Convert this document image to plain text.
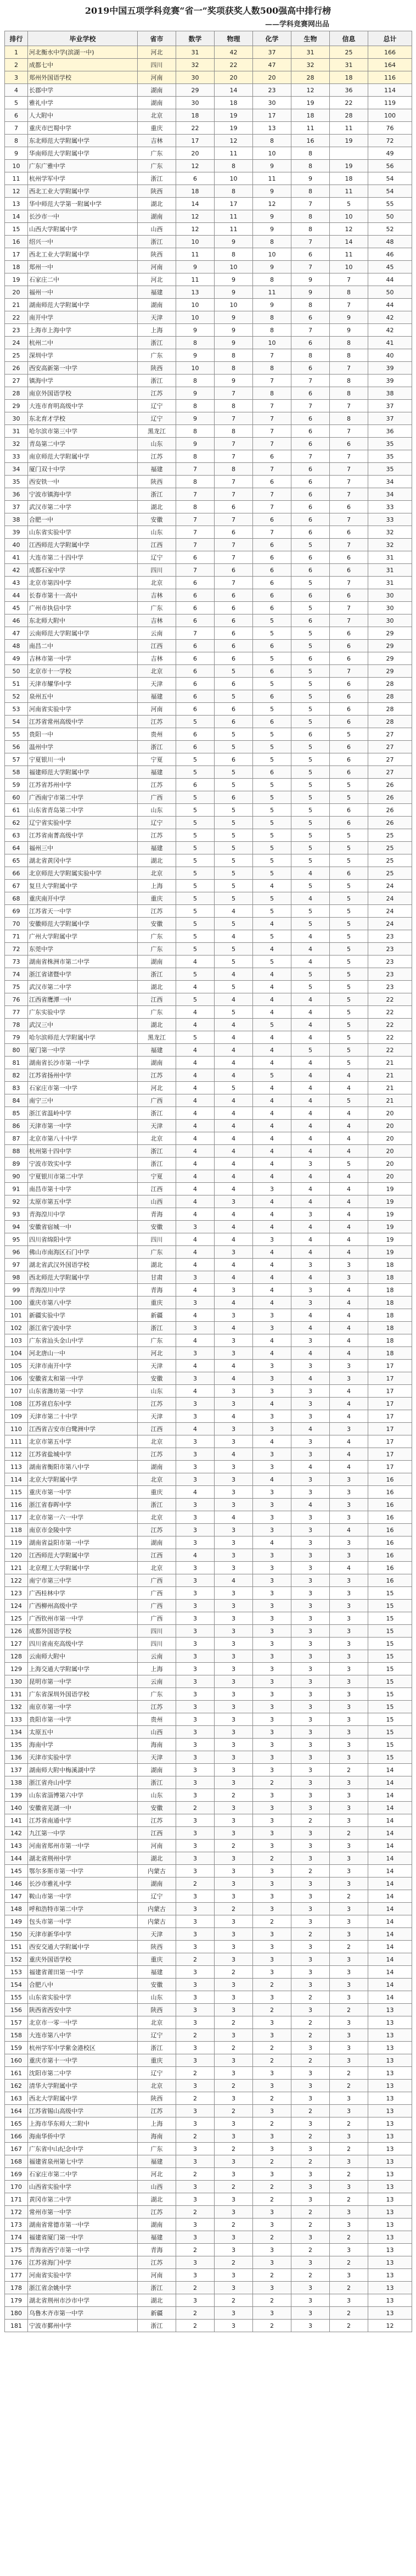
2019中国五项学科竞赛“省一”奖项获奖人数500强高中排行榜
——学科竞赛网出品
排行	毕业学校	省市	数学	物理	化学	生物	信息	总计
1	河北衡水中学(滨湖一中)	河北	31	42	37	31	25	166
2	成都七中	四川	32	22	47	32	31	164
3	郑州外国语学校	河南	30	20	20	28	18	116
4	长郡中学	湖南	29	14	23	12	36	114
5	雅礼中学	湖南	30	18	30	19	22	119
6	人大附中	北京	18	19	17	18	28	100
7	重庆市巴蜀中学	重庆	22	19	13	11	11	76
8	东北师范大学附属中学	吉林	17	12	8	16	19	72
9	华南师范大学附属中学	广东	20	11	10	8		49
10	广东广雅中学	广东	12	8	9	8	19	56
11	杭州学军中学	浙江	6	10	11	9	18	54
12	西北工业大学附属中学	陕西	18	8	9	8	11	54
13	华中师范大学第一附属中学	湖北	14	17	12	7	5	55
14	长沙市一中	湖南	12	11	9	8	10	50
15	山西大学附属中学	山西	12	11	9	8	12	52
16	绍兴一中	浙江	10	9	8	7	14	48
17	西北工业大学附属中学	陕西	11	8	10	6	11	46
18	郑州一中	河南	9	10	9	7	10	45
19	石家庄二中	河北	11	9	8	9	7	44
20	福州一中	福建	13	9	11	9	8	50
21	湖南师范大学附属中学	湖南	10	10	9	8	7	44
22	南开中学	天津	10	9	8	6	9	42
23	上海市上海中学	上海	9	9	8	7	9	42
24	杭州二中	浙江	8	9	10	6	8	41
25	深圳中学	广东	9	8	7	8	8	40
26	西安高新第一中学	陕西	10	8	8	6	7	39
27	镇海中学	浙江	8	9	7	7	8	39
28	南京外国语学校	江苏	9	7	8	6	8	38
29	大连市育明高级中学	辽宁	8	8	7	7	7	37
30	东北育才学校	辽宁	9	7	7	6	8	37
31	哈尔滨市第三中学	黑龙江	8	8	7	6	7	36
32	青岛第二中学	山东	9	7	7	6	6	35
33	南京师范大学附属中学	江苏	8	7	6	7	7	35
34	厦门双十中学	福建	7	8	7	6	7	35
35	西安铁一中	陕西	8	7	6	6	7	34
36	宁波市镇海中学	浙江	7	7	7	6	7	34
37	武汉市第二中学	湖北	8	6	7	6	6	33
38	合肥一中	安徽	7	7	6	6	7	33
39	山东省实验中学	山东	7	6	7	6	6	32
40	江西师范大学附属中学	江西	7	7	6	5	7	32
41	大连市第二十四中学	辽宁	6	7	6	6	6	31
42	成都石室中学	四川	7	6	6	6	6	31
43	北京市第四中学	北京	6	7	6	5	7	31
44	长春市第十一高中	吉林	6	6	6	6	6	30
45	广州市执信中学	广东	6	6	6	5	7	30
46	东北师大附中	吉林	6	6	5	6	7	30
47	云南师范大学附属中学	云南	7	6	5	5	6	29
48	南昌二中	江西	6	6	6	5	6	29
49	吉林市第一中学	吉林	6	6	5	6	6	29
50	北京市十一学校	北京	6	5	6	5	7	29
51	天津市耀华中学	天津	6	6	5	5	6	28
52	泉州五中	福建	6	5	6	5	6	28
53	河南省实验中学	河南	6	6	5	5	6	28
54	江苏省常州高级中学	江苏	5	6	6	5	6	28
55	贵阳一中	贵州	6	5	5	6	5	27
56	温州中学	浙江	6	5	5	5	6	27
57	宁夏银川一中	宁夏	5	6	5	5	6	27
58	福建师范大学附属中学	福建	5	5	6	5	6	27
59	江苏省苏州中学	江苏	6	5	5	5	5	26
60	广西南宁市第二中学	广西	5	6	5	5	5	26
61	山东省青岛第二中学	山东	5	5	5	5	6	26
62	辽宁省实验中学	辽宁	5	5	5	5	6	26
63	江苏省南菁高级中学	江苏	5	5	5	5	5	25
64	福州三中	福建	5	5	5	5	5	25
65	湖北省黄冈中学	湖北	5	5	5	5	5	25
66	北京师范大学附属实验中学	北京	5	5	5	4	6	25
67	复旦大学附属中学	上海	5	5	4	5	5	24
68	重庆南开中学	重庆	5	5	5	4	5	24
69	江苏省天一中学	江苏	5	4	5	5	5	24
70	安徽师范大学附属中学	安徽	5	5	4	5	5	24
71	广州大学附属中学	广东	5	4	5	4	5	23
72	东莞中学	广东	5	5	4	4	5	23
73	湖南省株洲市第二中学	湖南	4	5	5	4	5	23
74	浙江省诸暨中学	浙江	5	4	4	5	5	23
75	武汉市第二中学	湖北	4	5	4	5	5	23
76	江西省鹰潭一中	江西	5	4	4	4	5	22
77	广东实验中学	广东	4	5	4	4	5	22
78	武汉三中	湖北	4	4	5	4	5	22
79	哈尔滨师范大学附属中学	黑龙江	5	4	4	4	5	22
80	厦门第一中学	福建	4	4	4	5	5	22
81	湖南省长沙市第一中学	湖南	4	4	4	4	5	21
82	江苏省扬州中学	江苏	4	4	5	4	4	21
83	石家庄市第一中学	河北	4	5	4	4	4	21
84	南宁三中	广西	4	4	4	4	5	21
85	浙江省温岭中学	浙江	4	4	4	4	4	20
86	天津市第一中学	天津	4	4	4	4	4	20
87	北京市第八十中学	北京	4	4	4	4	4	20
88	杭州第十四中学	浙江	4	4	4	4	4	20
89	宁波市效实中学	浙江	4	4	4	3	5	20
90	宁夏银川市第二中学	宁夏	4	4	4	4	4	20
91	南昌市第十中学	江西	4	4	3	4	4	19
92	太原市第五中学	山西	4	3	4	4	4	19
93	青海湟川中学	青海	4	4	4	3	4	19
94	安徽省宿城一中	安徽	3	4	4	4	4	19
95	四川省绵阳中学	四川	4	4	3	4	4	19
96	佛山市南海区石门中学	广东	4	3	4	4	4	19
97	湖北省武汉外国语学校	湖北	4	4	4	3	3	18
98	西北师范大学附属中学	甘肃	3	4	4	4	3	18
99	青海湟川中学	青海	4	3	4	3	4	18
100	重庆市第八中学	重庆	3	4	4	3	4	18
101	新疆实验中学	新疆	4	3	3	4	4	18
102	浙江省宁波中学	浙江	3	4	3	4	4	18
103	广东省汕头金山中学	广东	4	3	4	3	4	18
104	河北唐山一中	河北	3	3	4	4	4	18
105	天津市南开中学	天津	4	4	3	3	3	17
106	安徽省太和第一中学	安徽	3	4	3	4	3	17
107	山东省潍坊第一中学	山东	4	3	3	3	4	17
108	江苏省启东中学	江苏	3	3	4	3	4	17
109	天津市第二十中学	天津	3	4	3	3	4	17
110	江西省吉安市白鹭洲中学	江西	4	3	3	4	3	17
111	北京市第五中学	北京	3	3	4	3	4	17
112	江苏省盐城中学	江苏	3	4	3	3	4	17
113	湖南省衡阳市第八中学	湖南	3	3	3	4	4	17
114	北京大学附属中学	北京	3	3	4	3	3	16
115	重庆市第一中学	重庆	4	3	3	3	3	16
116	浙江省春晖中学	浙江	3	3	3	4	3	16
117	北京市第一六一中学	北京	3	4	3	3	3	16
118	南京市金陵中学	江苏	3	3	3	3	4	16
119	湖南省益阳市第一中学	湖南	3	3	4	3	3	16
120	江西师范大学附属中学	江西	4	3	3	3	3	16
121	北京理工大学附属中学	北京	3	3	3	3	4	16
122	南宁市第三中学	广西	3	4	3	3	3	16
123	广西桂林中学	广西	3	3	3	3	3	15
124	广西柳州高级中学	广西	3	3	3	3	3	15
125	广西钦州市第一中学	广西	3	3	3	3	3	15
126	成都外国语学校	四川	3	3	3	3	3	15
127	四川省南充高级中学	四川	3	3	3	3	3	15
128	云南师大附中	云南	3	3	3	3	3	15
129	上海交通大学附属中学	上海	3	3	3	3	3	15
130	昆明市第一中学	云南	3	3	3	3	3	15
131	广东省深圳外国语学校	广东	3	3	3	3	3	15
132	南京市第一中学	江苏	3	3	3	3	3	15
133	贵阳市第一中学	贵州	3	3	3	3	3	15
134	太原五中	山西	3	3	3	3	3	15
135	海南中学	海南	3	3	3	3	3	15
136	天津市实验中学	天津	3	3	3	3	3	15
137	湖南师大附中梅溪湖中学	湖南	3	3	3	3	2	14
138	浙江省舟山中学	浙江	3	3	2	3	3	14
139	山东省淄博第六中学	山东	3	2	3	3	3	14
140	安徽省芜湖一中	安徽	2	3	3	3	3	14
141	江苏省南通中学	江苏	3	3	3	2	3	14
142	九江第一中学	江西	3	3	3	3	2	14
143	河南省郑州市第一中学	河南	3	2	3	3	3	14
144	湖北省荆州中学	湖北	3	3	2	3	3	14
145	鄂尔多斯市第一中学	内蒙古	3	3	3	2	3	14
146	长沙市雅礼中学	湖南	2	3	3	3	3	14
147	鞍山市第一中学	辽宁	3	3	3	3	2	14
148	呼和浩特市第二中学	内蒙古	3	2	3	3	3	14
149	包头市第一中学	内蒙古	3	3	2	3	3	14
150	天津市新华中学	天津	3	3	3	2	3	14
151	西安交通大学附属中学	陕西	3	3	3	3	2	14
152	重庆外国语学校	重庆	2	3	3	3	3	14
153	福建省莆田第一中学	福建	3	2	3	3	3	14
154	合肥八中	安徽	3	3	2	3	3	14
155	山东省实验中学	山东	3	3	3	2	3	14
156	陕西省西安中学	陕西	3	3	2	3	2	13
157	北京市一零一中学	北京	3	2	3	2	3	13
158	大连市第八中学	辽宁	2	3	3	2	3	13
159	杭州学军中学紫金港校区	浙江	3	2	2	3	3	13
160	重庆市第十一中学	重庆	3	3	2	2	3	13
161	沈阳市第二中学	辽宁	2	3	3	3	2	13
162	清华大学附属中学	北京	3	2	3	3	2	13
163	西北大学附属中学	陕西	2	3	2	3	3	13
164	江苏省锡山高级中学	江苏	3	2	3	2	3	13
165	上海市华东师大二附中	上海	3	3	2	3	2	13
166	海南华侨中学	海南	2	3	3	2	3	13
167	广东省中山纪念中学	广东	3	2	3	3	2	13
168	福建省泉州第七中学	福建	3	3	2	2	3	13
169	石家庄市第二中学	河北	2	3	3	3	2	13
170	山西省实验中学	山西	3	2	2	3	3	13
171	黄冈市第二中学	湖北	3	3	2	3	2	13
172	常州市第一中学	江苏	2	3	3	2	3	13
173	湖南省常德市第一中学	湖南	3	2	3	2	3	13
174	福建省厦门第一中学	福建	3	3	2	3	2	13
175	青海省西宁市第一中学	青海	2	3	3	2	3	13
176	江苏省海门中学	江苏	3	2	3	3	2	13
177	河南省实验中学	河南	3	3	2	2	3	13
178	浙江省余姚中学	浙江	2	3	3	3	2	13
179	湖北省荆州市沙市中学	湖北	3	2	2	3	3	13
180	乌鲁木齐市第一中学	新疆	2	3	3	3	2	13
181	宁波市鄞州中学	浙江	2	3	2	3	2	12
